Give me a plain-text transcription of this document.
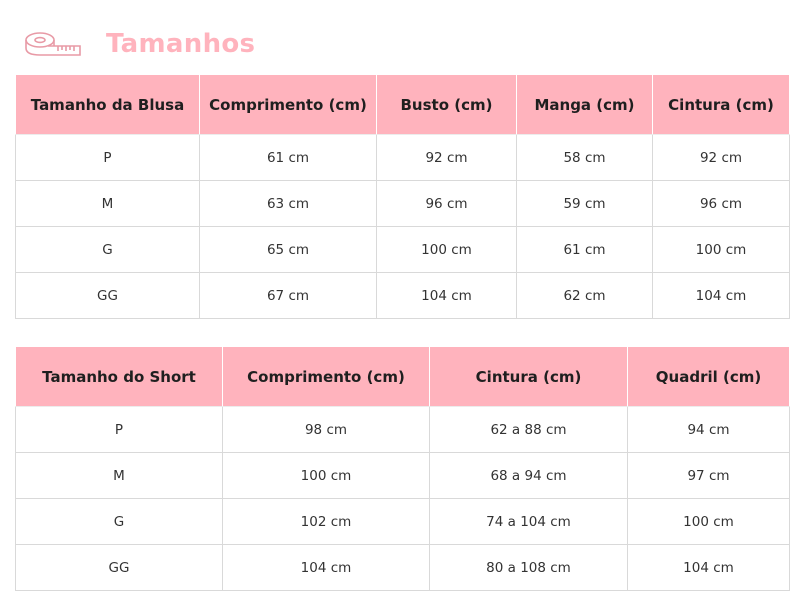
Tamanhos
Tamanho da Blusa	Comprimento (cm)	Busto (cm)	Manga (cm)	Cintura (cm)
P	61 cm	92 cm	58 cm	92 cm
M	63 cm	96 cm	59 cm	96 cm
G	65 cm	100 cm	61 cm	100 cm
GG	67 cm	104 cm	62 cm	104 cm
Tamanho do Short	Comprimento (cm)	Cintura (cm)	Quadril (cm)
P	98 cm	62 a 88 cm	94 cm
M	100 cm	68 a 94 cm	97 cm
G	102 cm	74 a 104 cm	100 cm
GG	104 cm	80 a 108 cm	104 cm
